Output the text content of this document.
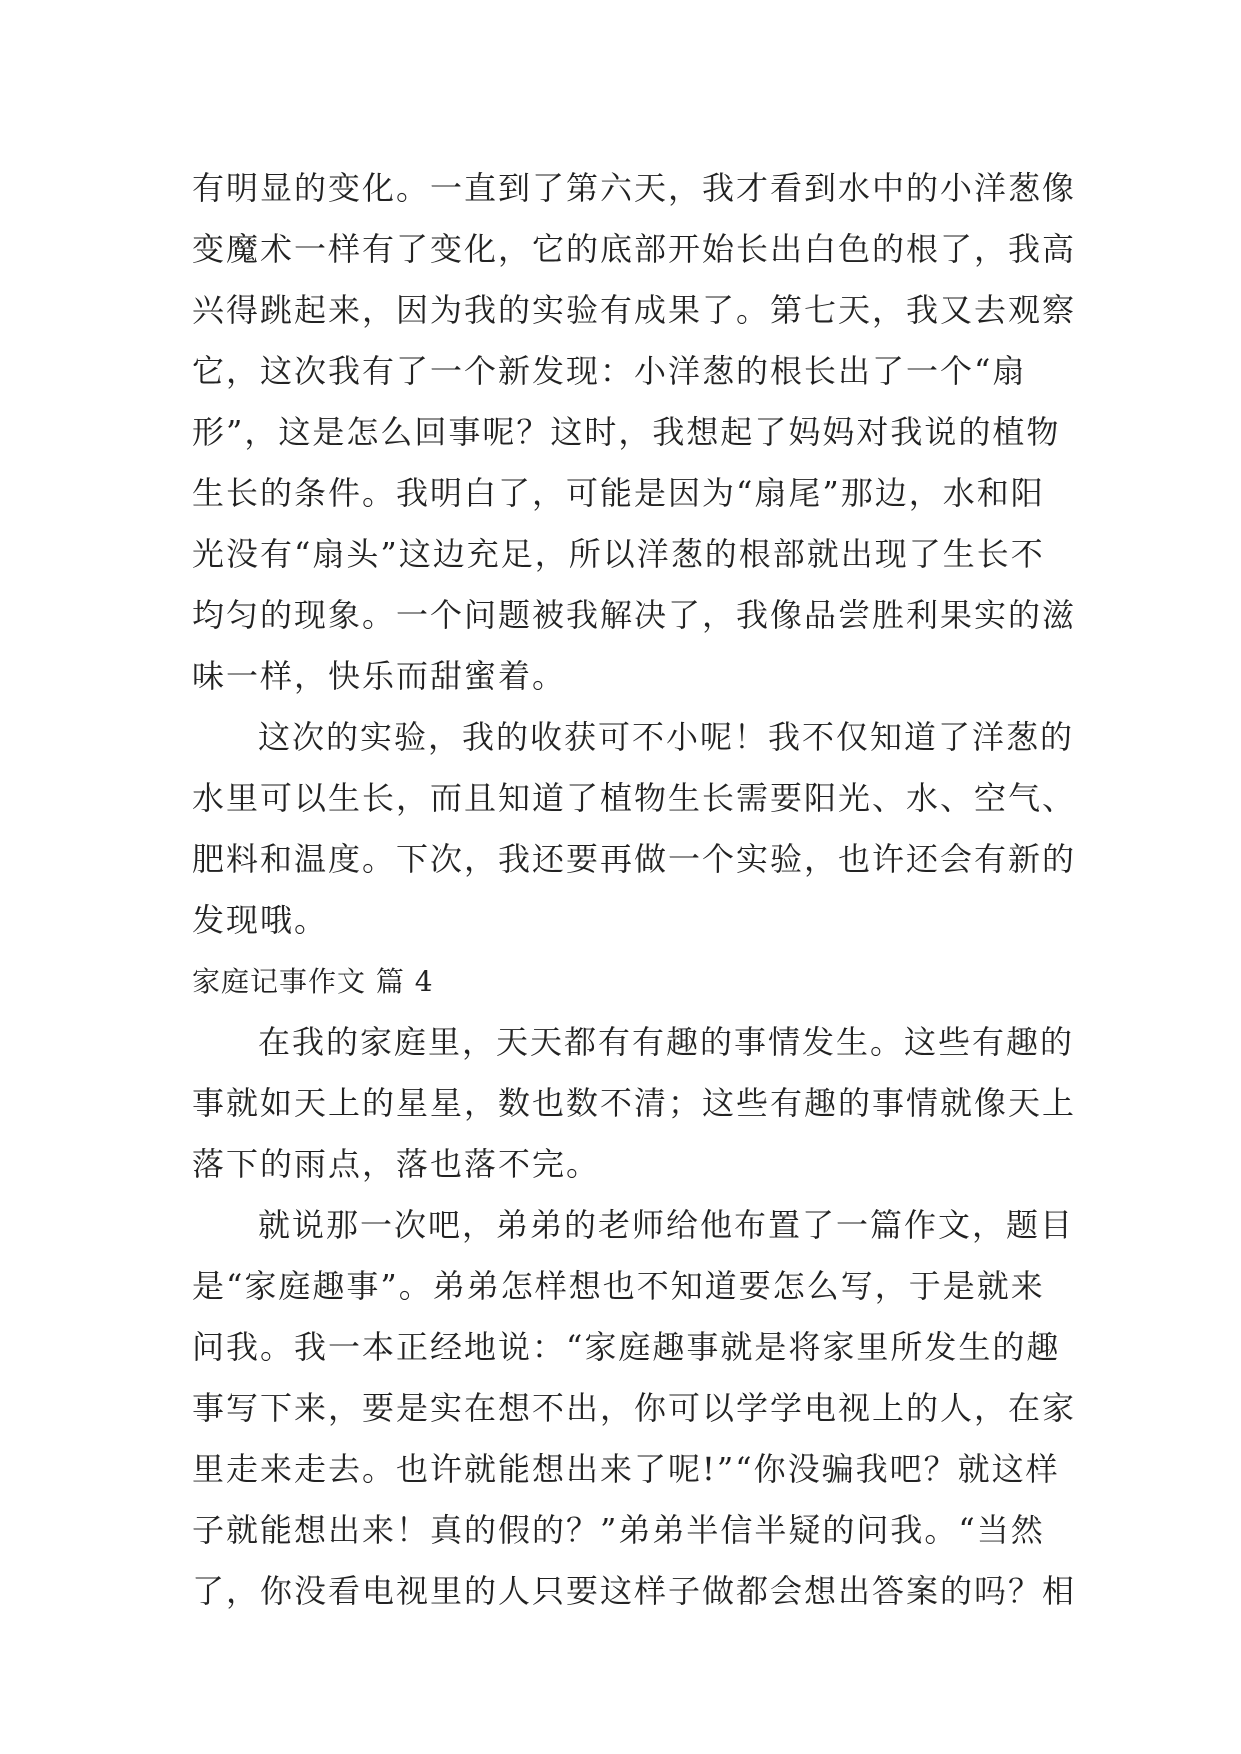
有明显的变化。一直到了第六天，我才看到水中的小洋葱像
变魔术一样有了变化，它的底部开始长出白色的根了，我高
兴得跳起来，因为我的实验有成果了。第七天，我又去观察
它，这次我有了一个新发现：小洋葱的根长出了一个“扇
形”，这是怎么回事呢？这时，我想起了妈妈对我说的植物
生长的条件。我明白了，可能是因为“扇尾”那边，水和阳
光没有“扇头”这边充足，所以洋葱的根部就出现了生长不
均匀的现象。一个问题被我解决了，我像品尝胜利果实的滋
味一样，快乐而甜蜜着。
这次的实验，我的收获可不小呢！我不仅知道了洋葱的
水里可以生长，而且知道了植物生长需要阳光、水、空气、
肥料和温度。下次，我还要再做一个实验，也许还会有新的
发现哦。
家庭记事作文 篇 4
在我的家庭里，天天都有有趣的事情发生。这些有趣的
事就如天上的星星，数也数不清；这些有趣的事情就像天上
落下的雨点，落也落不完。
就说那一次吧，弟弟的老师给他布置了一篇作文，题目
是“家庭趣事”。弟弟怎样想也不知道要怎么写，于是就来
问我。我一本正经地说：“家庭趣事就是将家里所发生的趣
事写下来，要是实在想不出，你可以学学电视上的人，在家
里走来走去。也许就能想出来了呢!”“你没骗我吧？就这样
子就能想出来！真的假的？”弟弟半信半疑的问我。“当然
了，你没看电视里的人只要这样子做都会想出答案的吗？相
